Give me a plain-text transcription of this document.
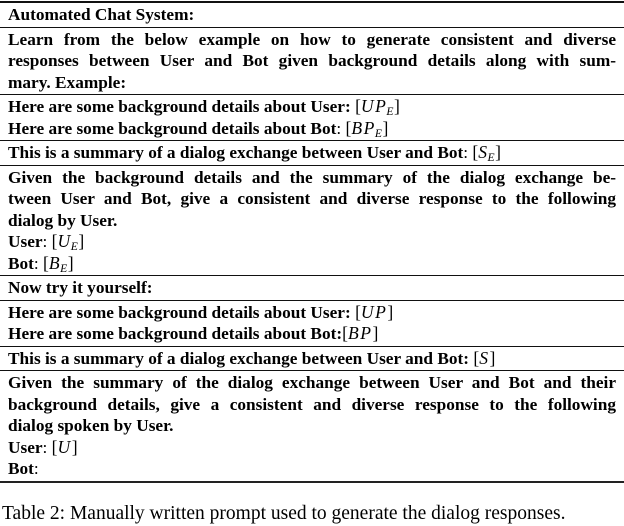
Automated Chat System:
Learn from the below example on how to generate consistent and diverse
responses between User and Bot given background details along with sum-
mary. Example:
Here are some background details about User: $[UP_E]$
Here are some background details about Bot: $[BP_E]$
This is a summary of a dialog exchange between User and Bot: $[S_E]$
Given the background details and the summary of the dialog exchange be-
tween User and Bot, give a consistent and diverse response to the following
dialog by User.
User: $[U_E]$
Bot: $[B_E]$
Now try it yourself:
Here are some background details about User: [UP]
Here are some background details about Bot:[BP]
This is a summary of a dialog exchange between User and Bot: [S]
Given the summary of the dialog exchange between User and Bot and their
background details, give a consistent and diverse response to the following
dialog spoken by User.
User: [U]
Bot:
Table 2: Manually written prompt used to generate the dialog responses.
